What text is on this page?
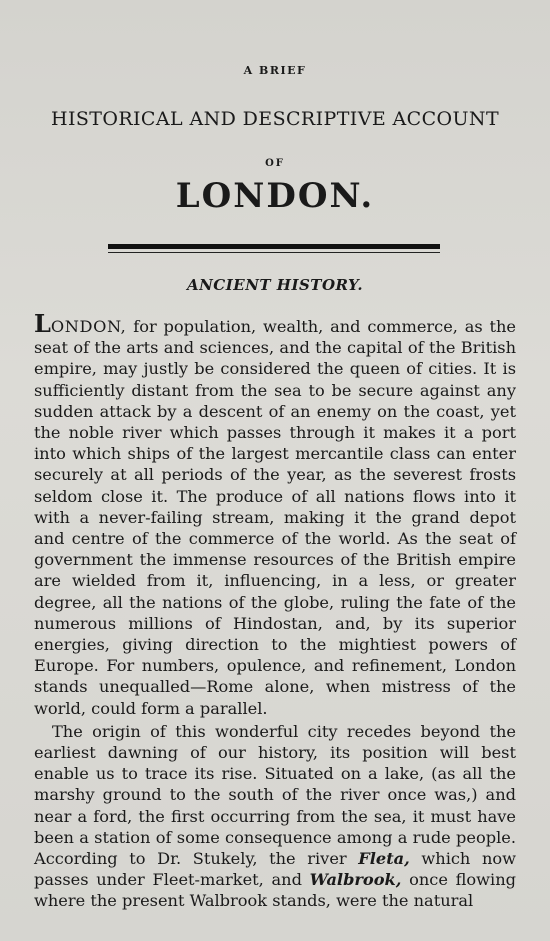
A BRIEF
HISTORICAL AND DESCRIPTIVE ACCOUNT
OF
LONDON.
ANCIENT HISTORY.

LONDON, for population, wealth, and commerce, as the seat of the arts and sciences, and the capital of the British empire, may justly be considered the queen of cities. It is sufficiently distant from the sea to be secure against any sudden attack by a descent of an enemy on the coast, yet the noble river which passes through it makes it a port into which ships of the largest mercantile class can enter securely at all periods of the year, as the severest frosts seldom close it. The produce of all nations flows into it with a never-failing stream, making it the grand depot and centre of the commerce of the world. As the seat of government the immense resources of the British empire are wielded from it, influencing, in a less, or greater degree, all the nations of the globe, ruling the fate of the numerous millions of Hindostan, and, by its superior energies, giving direction to the mightiest powers of Europe. For numbers, opulence, and refinement, London stands unequalled—Rome alone, when mistress of the world, could form a parallel.

The origin of this wonderful city recedes beyond the earliest dawning of our history, its position will best enable us to trace its rise. Situated on a lake, (as all the marshy ground to the south of the river once was,) and near a ford, the first occurring from the sea, it must have been a station of some consequence among a rude people. According to Dr. Stukely, the river Fleta, which now passes under Fleet-market, and Walbrook, once flowing where the present Walbrook stands, were the natural
